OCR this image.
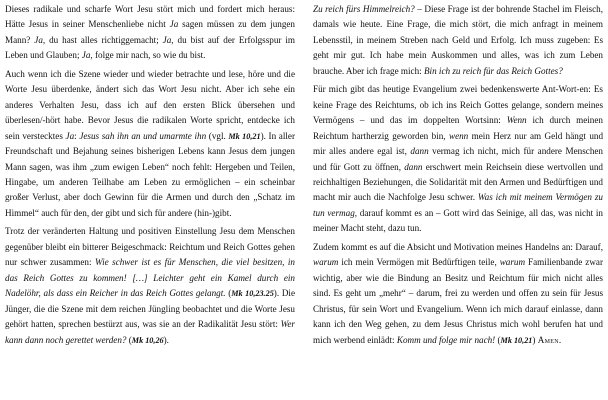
Dieses radikale und scharfe Wort Jesu stört mich und fordert mich heraus: Hätte Jesus in seiner Menschenliebe nicht Ja sagen müssen zu dem jungen Mann? Ja, du hast alles richtiggemacht; Ja, du bist auf der Erfolgsspur im Leben und Glauben; Ja, folge mir nach, so wie du bist.

Auch wenn ich die Szene wieder und wieder betrachte und lese, höre und die Worte Jesu überdenke, ändert sich das Wort Jesu nicht. Aber ich sehe ein anderes Verhalten Jesu, dass ich auf den ersten Blick übersehen und überlesen/-hört habe. Bevor Jesus die radikalen Worte spricht, entdecke ich sein verstecktes Ja: Jesus sah ihn an und umarmte ihn (vgl. Mk 10,21). In aller Freundschaft und Bejahung seines bisherigen Lebens kann Jesus dem jungen Mann sagen, was ihm „zum ewigen Leben“ noch fehlt: Hergeben und Teilen, Hingabe, um anderen Teilhabe am Leben zu ermöglichen – ein scheinbar großer Verlust, aber doch Gewinn für die Armen und durch den „Schatz im Himmel“ auch für den, der gibt und sich für andere (hin-)gibt.

Trotz der veränderten Haltung und positiven Einstellung Jesu dem Menschen gegenüber bleibt ein bitterer Beigeschmack: Reichtum und Reich Gottes gehen nur schwer zusammen: Wie schwer ist es für Menschen, die viel besitzen, in das Reich Gottes zu kommen! […] Leichter geht ein Kamel durch ein Nadelöhr, als dass ein Reicher in das Reich Gottes gelangt. (Mk 10,23.25). Die Jünger, die die Szene mit dem reichen Jüngling beobachtet und die Worte Jesu gehört hatten, sprechen bestürzt aus, was sie an der Radikalität Jesu stört: Wer kann dann noch gerettet werden? (Mk 10,26).

Zu reich fürs Himmelreich? – Diese Frage ist der bohrende Stachel im Fleisch, damals wie heute. Eine Frage, die mich stört, die mich anfragt in meinem Lebensstil, in meinem Streben nach Geld und Erfolg. Ich muss zugeben: Es geht mir gut. Ich habe mein Auskommen und alles, was ich zum Leben brauche. Aber ich frage mich: Bin ich zu reich für das Reich Gottes?

Für mich gibt das heutige Evangelium zwei bedenkenswerte Ant-Wort-en: Es keine Frage des Reichtums, ob ich ins Reich Gottes gelange, sondern meines Vermögens – und das im doppelten Wortsinn: Wenn ich durch meinen Reichtum hartherzig geworden bin, wenn mein Herz nur am Geld hängt und mir alles andere egal ist, dann vermag ich nicht, mich für andere Menschen und für Gott zu öffnen, dann erschwert mein Reichsein diese wertvollen und reichhaltigen Beziehungen, die Solidarität mit den Armen und Bedürftigen und macht mir auch die Nachfolge Jesu schwer. Was ich mit meinem Vermögen zu tun vermag, darauf kommt es an – Gott wird das Seinige, all das, was nicht in meiner Macht steht, dazu tun.

Zudem kommt es auf die Absicht und Motivation meines Handelns an: Darauf, warum ich mein Vermögen mit Bedürftigen teile, warum Familienbande zwar wichtig, aber wie die Bindung an Besitz und Reichtum für mich nicht alles sind. Es geht um „mehr“ – darum, frei zu werden und offen zu sein für Jesus Christus, für sein Wort und Evangelium. Wenn ich mich darauf einlasse, dann kann ich den Weg gehen, zu dem Jesus Christus mich wohl berufen hat und mich werbend einlädt: Komm und folge mir nach! (Mk 10,21) Amen.
